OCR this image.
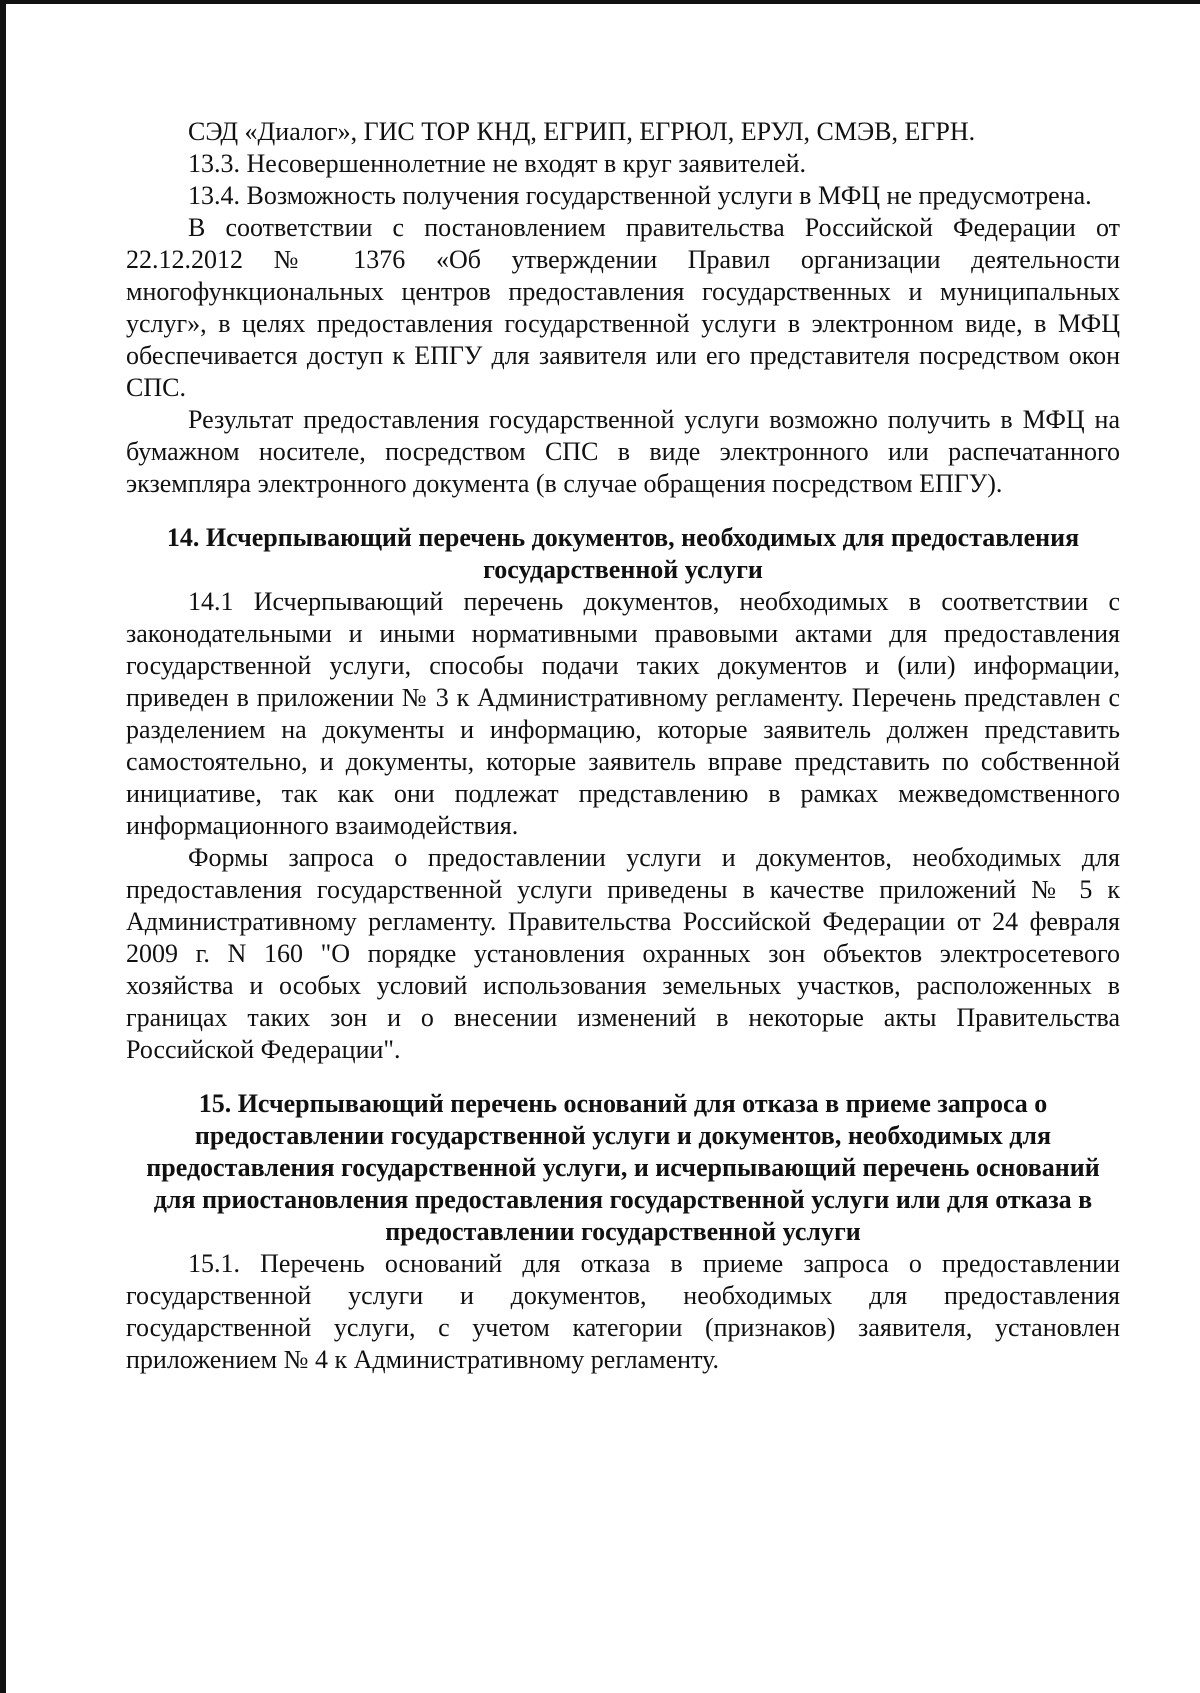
СЭД «Диалог», ГИС ТОР КНД, ЕГРИП, ЕГРЮЛ, ЕРУЛ, СМЭВ, ЕГРН.

13.3. Несовершеннолетние не входят в круг заявителей.

13.4. Возможность получения государственной услуги в МФЦ не предусмотрена.

В соответствии с постановлением правительства Российской Федерации от 22.12.2012 № 1376 «Об утверждении Правил организации деятельности многофункциональных центров предоставления государственных и муниципальных услуг», в целях предоставления государственной услуги в электронном виде, в МФЦ обеспечивается доступ к ЕПГУ для заявителя или его представителя посредством окон СПС.

Результат предоставления государственной услуги возможно получить в МФЦ на бумажном носителе, посредством СПС в виде электронного или распечатанного экземпляра электронного документа (в случае обращения посредством ЕПГУ).

14. Исчерпывающий перечень документов, необходимых для предоставления государственной услуги

14.1 Исчерпывающий перечень документов, необходимых в соответствии с законодательными и иными нормативными правовыми актами для предоставления государственной услуги, способы подачи таких документов и (или) информации, приведен в приложении № 3 к Административному регламенту. Перечень представлен с разделением на документы и информацию, которые заявитель должен представить самостоятельно, и документы, которые заявитель вправе представить по собственной инициативе, так как они подлежат представлению в рамках межведомственного информационного взаимодействия.

Формы запроса о предоставлении услуги и документов, необходимых для предоставления государственной услуги приведены в качестве приложений № 5 к Административному регламенту. Правительства Российской Федерации от 24 февраля 2009 г. N 160 "О порядке установления охранных зон объектов электросетевого хозяйства и особых условий использования земельных участков, расположенных в границах таких зон и о внесении изменений в некоторые акты Правительства Российской Федерации".

15. Исчерпывающий перечень оснований для отказа в приеме запроса о предоставлении государственной услуги и документов, необходимых для предоставления государственной услуги, и исчерпывающий перечень оснований для приостановления предоставления государственной услуги или для отказа в предоставлении государственной услуги

15.1. Перечень оснований для отказа в приеме запроса о предоставлении государственной услуги и документов, необходимых для предоставления государственной услуги, с учетом категории (признаков) заявителя, установлен приложением № 4 к Административному регламенту.
